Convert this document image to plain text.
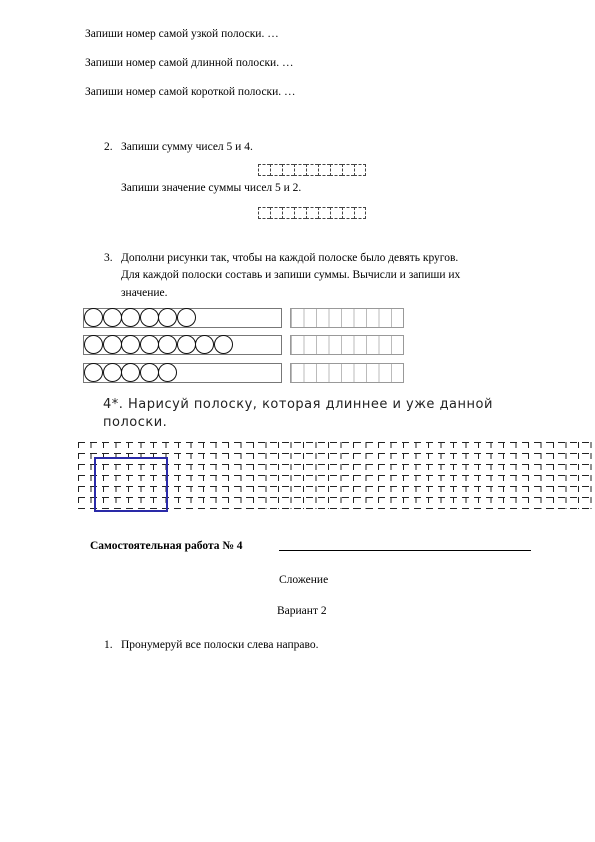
Запиши номер самой узкой полоски. …
Запиши номер самой длинной полоски. …
Запиши номер самой короткой полоски. …
2. Запиши сумму чисел 5 и 4.
Запиши значение суммы чисел 5 и 2.
3. Дополни рисунки так, чтобы на каждой полоске было девять кругов.
Для каждой полоски составь и запиши суммы. Вычисли и запиши их
значение.
4*. Нарисуй полоску, которая длиннее и уже данной
полоски.
Самостоятельная работа № 4
Сложение
Вариант 2
1. Пронумеруй все полоски слева направо.
